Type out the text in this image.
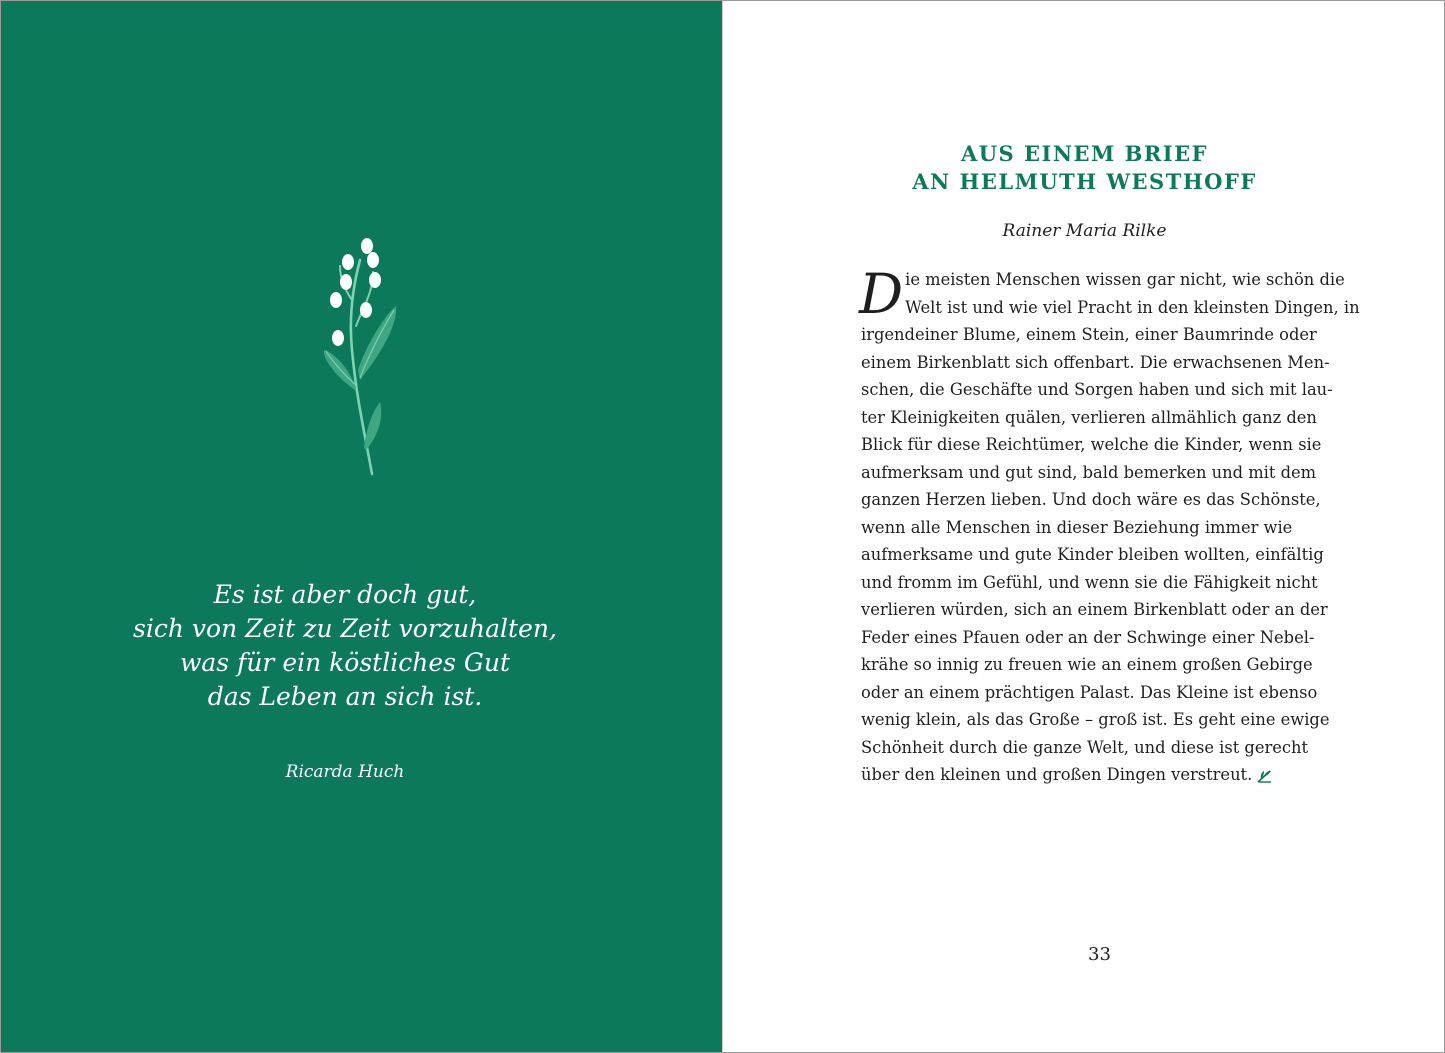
Es ist aber doch gut,
sich von Zeit zu Zeit vorzuhalten,
was für ein köstliches Gut
das Leben an sich ist.
Ricarda Huch
AUS EINEM BRIEF
AN HELMUTH WESTHOFF
Rainer Maria Rilke
D ie meisten Menschen wissen gar nicht, wie schön die
Welt ist und wie viel Pracht in den kleinsten Dingen, in
irgendeiner Blume, einem Stein, einer Baumrinde oder
einem Birkenblatt sich offenbart. Die erwachsenen Men-
schen, die Geschäfte und Sorgen haben und sich mit lau-
ter Kleinigkeiten quälen, verlieren allmählich ganz den
Blick für diese Reichtümer, welche die Kinder, wenn sie
aufmerksam und gut sind, bald bemerken und mit dem
ganzen Herzen lieben. Und doch wäre es das Schönste,
wenn alle Menschen in dieser Beziehung immer wie
aufmerksame und gute Kinder bleiben wollten, einfältig
und fromm im Gefühl, und wenn sie die Fähigkeit nicht
verlieren würden, sich an einem Birkenblatt oder an der
Feder eines Pfauen oder an der Schwinge einer Nebel-
krähe so innig zu freuen wie an einem großen Gebirge
oder an einem prächtigen Palast. Das Kleine ist ebenso
wenig klein, als das Große – groß ist. Es geht eine ewige
Schönheit durch die ganze Welt, und diese ist gerecht
über den kleinen und großen Dingen verstreut.
33
